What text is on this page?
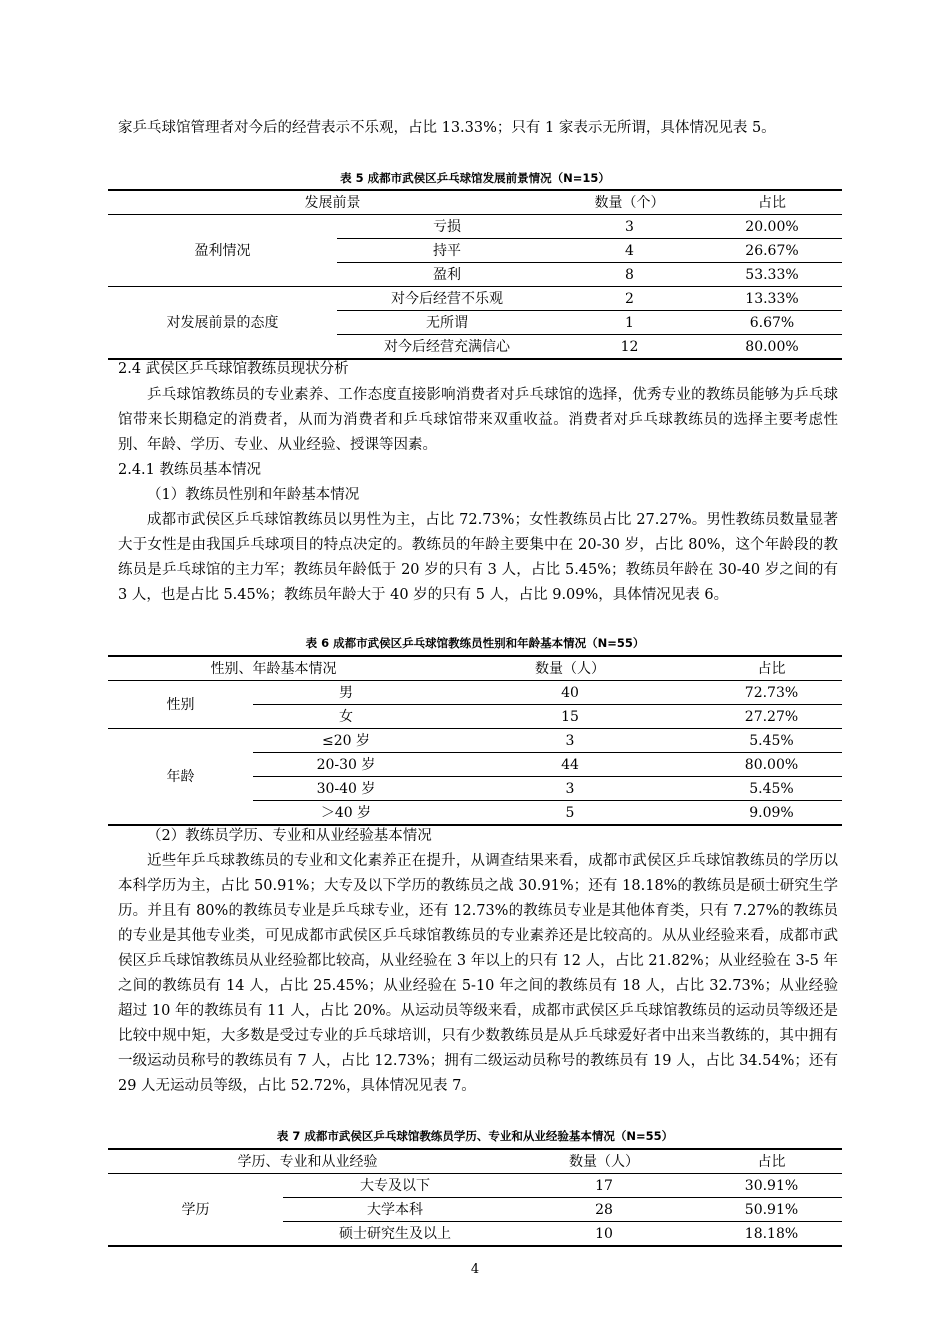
家乒乓球馆管理者对今后的经营表示不乐观，占比 13.33%；只有 1 家表示无所谓，具体情况见表 5。

表 5 成都市武侯区乒乓球馆发展前景情况（N=15）

发展前景		数量（个）	占比
盈利情况	亏损	3	20.00%
	持平	4	26.67%
	盈利	8	53.33%
对发展前景的态度	对今后经营不乐观	2	13.33%
	无所谓	1	6.67%
	对今后经营充满信心	12	80.00%

2.4 武侯区乒乓球馆教练员现状分析

乒乓球馆教练员的专业素养、工作态度直接影响消费者对乒乓球馆的选择，优秀专业的教练员能够为乒乓球馆带来长期稳定的消费者，从而为消费者和乒乓球馆带来双重收益。消费者对乒乓球教练员的选择主要考虑性别、年龄、学历、专业、从业经验、授课等因素。

2.4.1 教练员基本情况

（1）教练员性别和年龄基本情况

成都市武侯区乒乓球馆教练员以男性为主，占比 72.73%；女性教练员占比 27.27%。男性教练员数量显著大于女性是由我国乒乓球项目的特点决定的。教练员的年龄主要集中在 20-30 岁，占比 80%，这个年龄段的教练员是乒乓球馆的主力军；教练员年龄低于 20 岁的只有 3 人，占比 5.45%；教练员年龄在 30-40 岁之间的有 3 人，也是占比 5.45%；教练员年龄大于 40 岁的只有 5 人，占比 9.09%，具体情况见表 6。

表 6 成都市武侯区乒乓球馆教练员性别和年龄基本情况（N=55）

性别、年龄基本情况		数量（人）	占比
性别	男	40	72.73%
	女	15	27.27%
年龄	≤20 岁	3	5.45%
	20-30 岁	44	80.00%
	30-40 岁	3	5.45%
	＞40 岁	5	9.09%

（2）教练员学历、专业和从业经验基本情况

近些年乒乓球教练员的专业和文化素养正在提升，从调查结果来看，成都市武侯区乒乓球馆教练员的学历以本科学历为主，占比 50.91%；大专及以下学历的教练员之战 30.91%；还有 18.18%的教练员是硕士研究生学历。并且有 80%的教练员专业是乒乓球专业，还有 12.73%的教练员专业是其他体育类，只有 7.27%的教练员的专业是其他专业类，可见成都市武侯区乒乓球馆教练员的专业素养还是比较高的。从从业经验来看，成都市武侯区乒乓球馆教练员从业经验都比较高，从业经验在 3 年以上的只有 12 人，占比 21.82%；从业经验在 3-5 年之间的教练员有 14 人，占比 25.45%；从业经验在 5-10 年之间的教练员有 18 人，占比 32.73%；从业经验超过 10 年的教练员有 11 人，占比 20%。从运动员等级来看，成都市武侯区乒乓球馆教练员的运动员等级还是比较中规中矩，大多数是受过专业的乒乓球培训，只有少数教练员是从乒乓球爱好者中出来当教练的，其中拥有一级运动员称号的教练员有 7 人，占比 12.73%；拥有二级运动员称号的教练员有 19 人，占比 34.54%；还有 29 人无运动员等级，占比 52.72%，具体情况见表 7。

表 7 成都市武侯区乒乓球馆教练员学历、专业和从业经验基本情况（N=55）

学历、专业和从业经验		数量（人）	占比
学历	大专及以下	17	30.91%
	大学本科	28	50.91%
	硕士研究生及以上	10	18.18%
4
